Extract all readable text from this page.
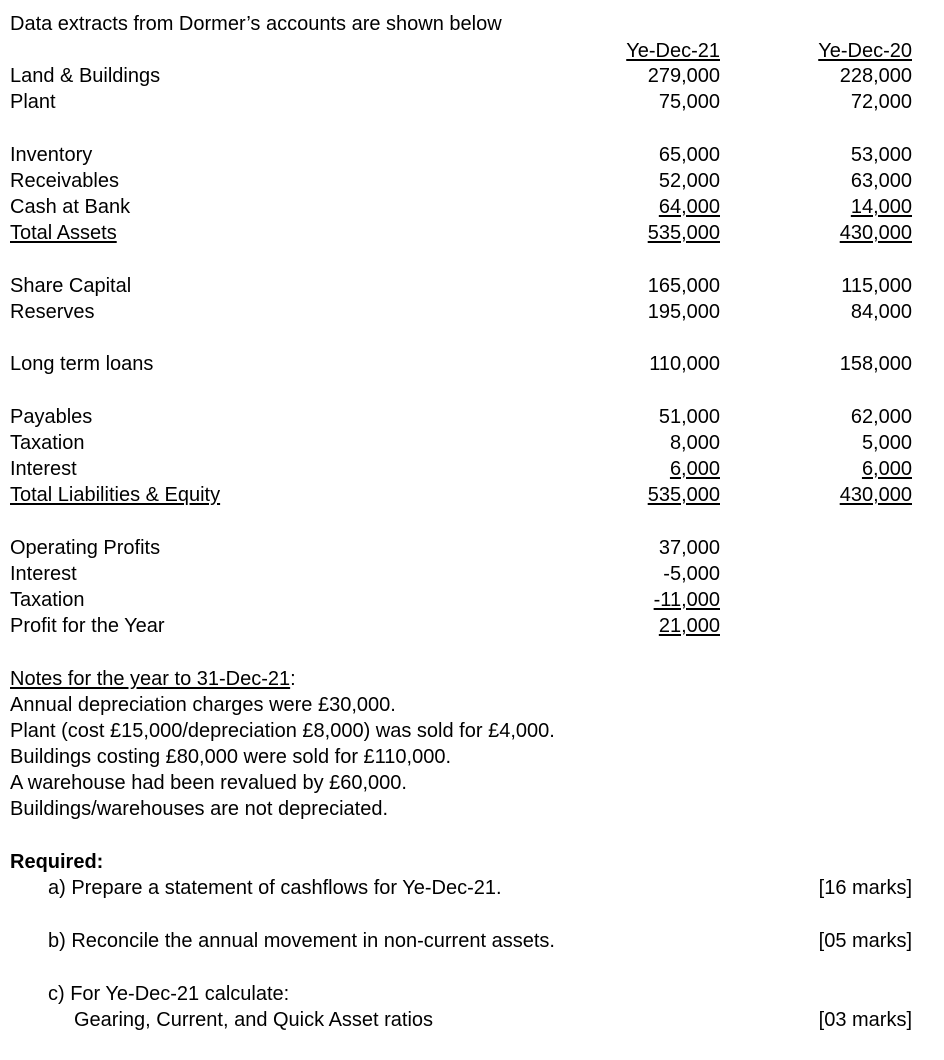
Data extracts from Dormer’s accounts are shown below
Ye-Dec-21	Ye-Dec-20
Land & Buildings	279,000	228,000
Plant	75,000	72,000
Inventory	65,000	53,000
Receivables	52,000	63,000
Cash at Bank	64,000	14,000
Total Assets	535,000	430,000
Share Capital	165,000	115,000
Reserves	195,000	84,000
Long term loans	110,000	158,000
Payables	51,000	62,000
Taxation	8,000	5,000
Interest	6,000	6,000
Total Liabilities & Equity	535,000	430,000
Operating Profits	37,000
Interest	-5,000
Taxation	-11,000
Profit for the Year	21,000
Notes for the year to 31-Dec-21:
Annual depreciation charges were £30,000.
Plant (cost £15,000/depreciation £8,000) was sold for £4,000.
Buildings costing £80,000 were sold for £110,000.
A warehouse had been revalued by £60,000.
Buildings/warehouses are not depreciated.
Required:
a) Prepare a statement of cashflows for Ye-Dec-21.	[16 marks]
b) Reconcile the annual movement in non-current assets.	[05 marks]
c) For Ye-Dec-21 calculate:
Gearing, Current, and Quick Asset ratios	[03 marks]
